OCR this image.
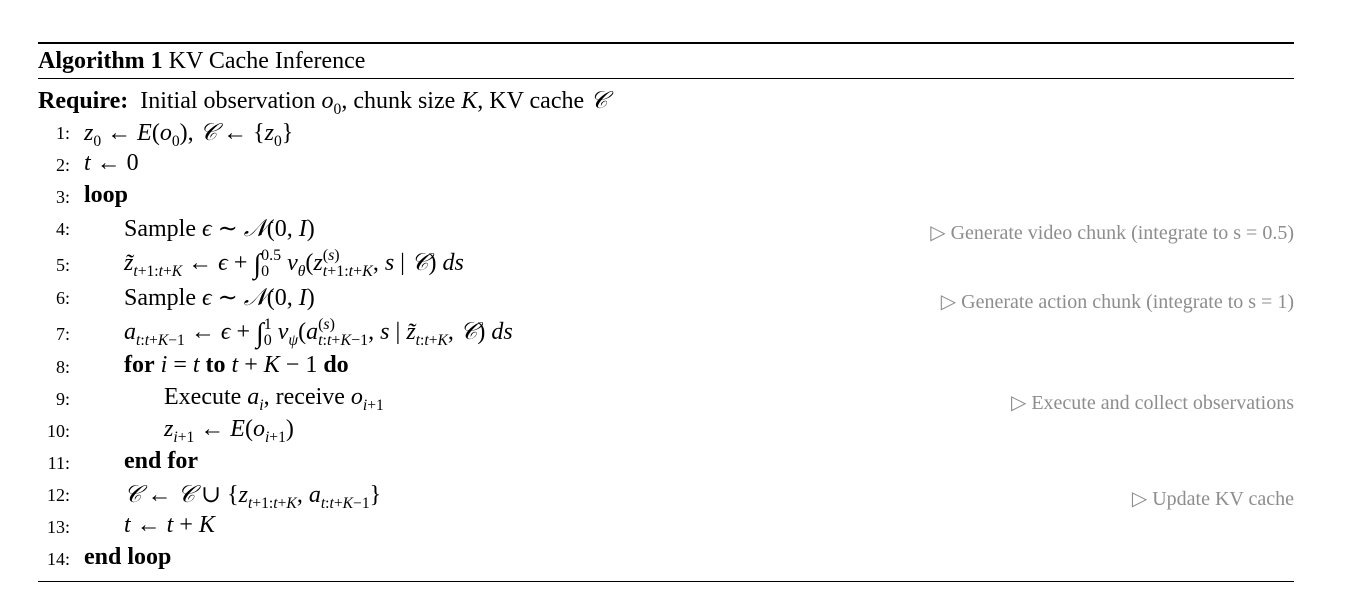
Algorithm 1 KV Cache Inference
Require:  Initial observation $o_0$, chunk size K, KV cache 𝒞
1: $z_0$ ← $E(o_0)$, 𝒞 ← $\{z_0\}$
2: t ← 0
3: loop
4: Sample ϵ ∼ 𝒩(0, I)	▷ Generate video chunk (integrate to s = 0.5)
5: $z̃_{t+1:t+K}$ ← ϵ + ∫ 0.5
0 $v_\theta(z$ (s)
t+1:t+K , s | 𝒞) ds
6: Sample ϵ ∼ 𝒩(0, I)	▷ Generate action chunk (integrate to s = 1)
7: $a_{t:t+K-1}$ ← ϵ + ∫ 1
0 $v_\psi(a$ (s)
t:t+K−1 , s | $z̃_{t:t+K}$, 𝒞) ds
8: for i = t to t + K − 1 do
9:	Execute $a_i$, receive $o_{i+1}$	▷ Execute and collect observations
10:	$z_{i+1}$ ← $E(o_{i+1})$
11: end for
12: 𝒞 ← 𝒞 ∪ {$z_{t+1:t+K}$, $a_{t:t+K-1}$}	▷ Update KV cache
13: t ← t + K
14: end loop
